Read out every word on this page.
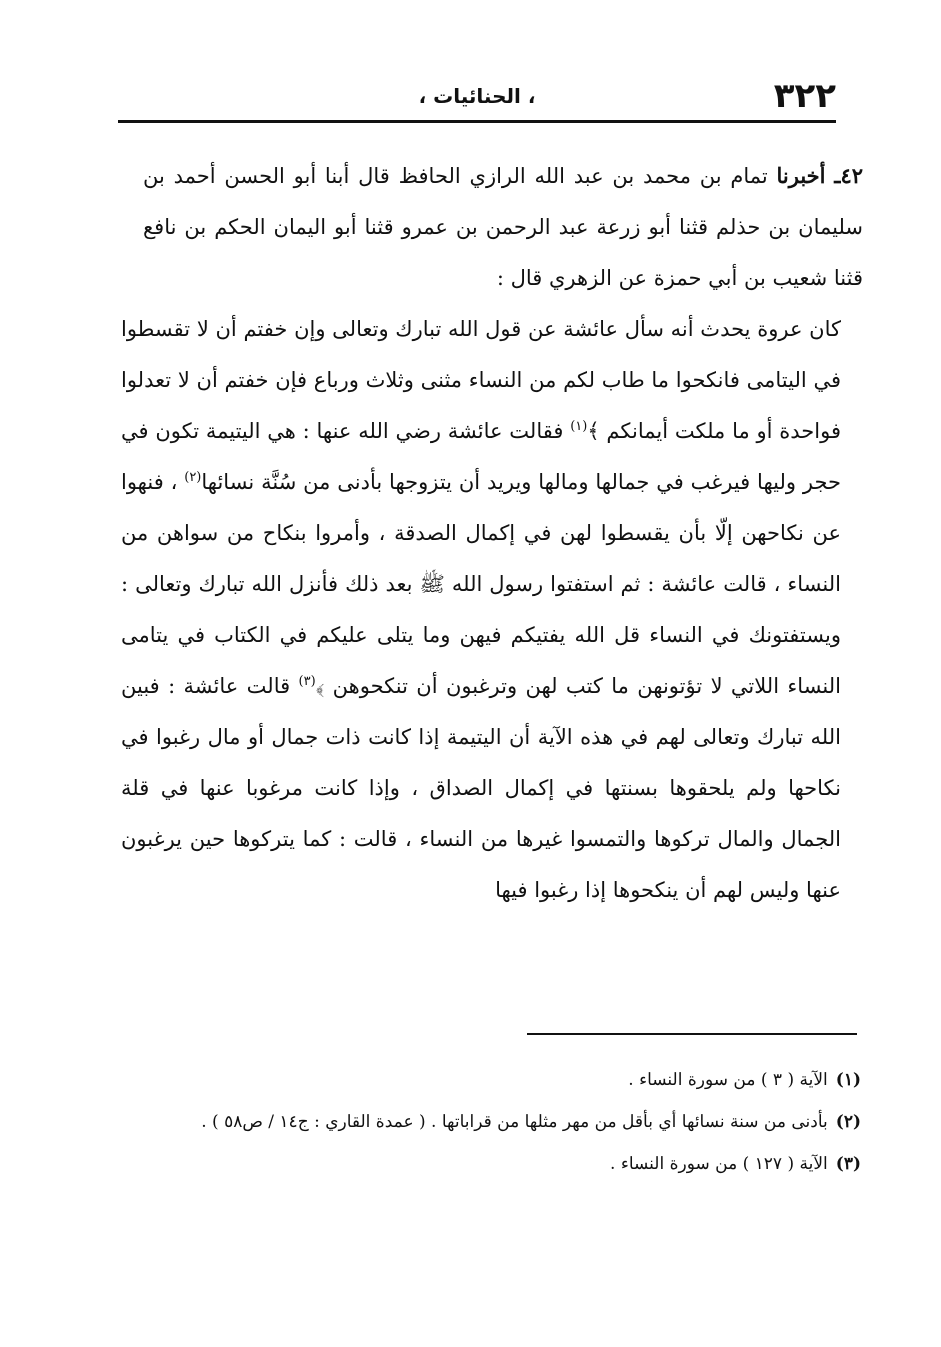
٣٢٢
، الحنائيات ،

٤٢ـ أخبرنا تمام بن محمد بن عبد الله الرازي الحافظ قال أبنا أبو الحسن أحمد بن سليمان بن حذلم قثنا أبو زرعة عبد الرحمن بن عمرو قثنا أبو اليمان الحكم بن نافع قثنا شعيب بن أبي حمزة عن الزهري قال :

كان عروة يحدث أنه سأل عائشة عن قول الله تبارك وتعالى وإن خفتم أن لا تقسطوا في اليتامى فانكحوا ما طاب لكم من النساء مثنى وثلاث ورباع فإن خفتم أن لا تعدلوا فواحدة أو ما ملكت أيمانكم ﴾$^{(١)}$ فقالت عائشة رضي الله عنها : هي اليتيمة تكون في حجر وليها فيرغب في جمالها ومالها ويريد أن يتزوجها بأدنى من سُنَّة نسائها$^{(٢)}$ ، فنهوا عن نكاحهن إلّا بأن يقسطوا لهن في إكمال الصدقة ، وأمروا بنكاح من سواهن من النساء ، قالت عائشة : ثم استفتوا رسول الله ﷺ بعد ذلك فأنزل الله تبارك وتعالى : ويستفتونك في النساء قل الله يفتيكم فيهن وما يتلى عليكم في الكتاب في يتامى النساء اللاتي لا تؤتونهن ما كتب لهن وترغبون أن تنكحوهن ﴾$^{(٣)}$ قالت عائشة : فبين الله تبارك وتعالى لهم في هذه الآية أن اليتيمة إذا كانت ذات جمال أو مال رغبوا في نكاحها ولم يلحقوها بسنتها في إكمال الصداق ، وإذا كانت مرغوبا عنها في قلة الجمال والمال تركوها والتمسوا غيرها من النساء ، قالت : كما يتركوها حين يرغبون عنها وليس لهم أن ينكحوها إذا رغبوا فيها

(١)الآية ( ٣ ) من سورة النساء .

(٢)بأدنى من سنة نسائها أي بأقل من مهر مثلها من قراباتها . ( عمدة القاري : ج١٤ / ص٥٨ ) .

(٣)الآية ( ١٢٧ ) من سورة النساء .
